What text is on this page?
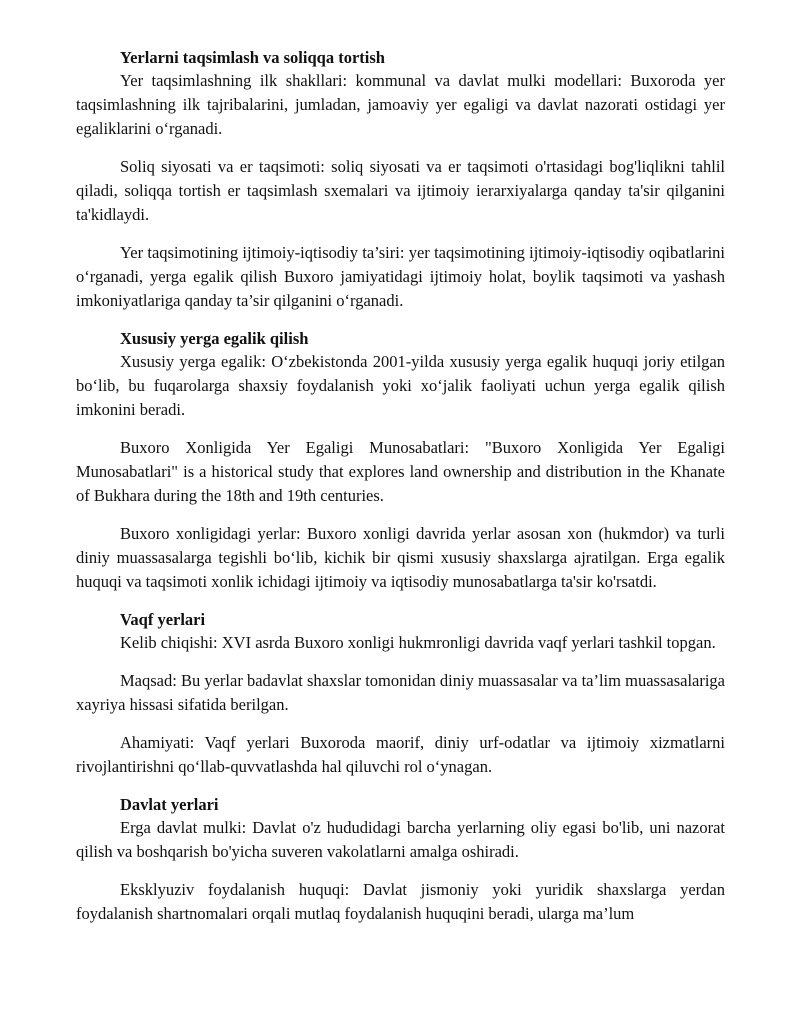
Yerlarni taqsimlash va soliqqa tortish

Yer taqsimlashning ilk shakllari: kommunal va davlat mulki modellari: Buxoroda yer taqsimlashning ilk tajribalarini, jumladan, jamoaviy yer egaligi va davlat nazorati ostidagi yer egaliklarini o‘rganadi.

Soliq siyosati va er taqsimoti: soliq siyosati va er taqsimoti o'rtasidagi bog'liqlikni tahlil qiladi, soliqqa tortish er taqsimlash sxemalari va ijtimoiy ierarxiyalarga qanday ta'sir qilganini ta'kidlaydi.

Yer taqsimotining ijtimoiy-iqtisodiy ta’siri: yer taqsimotining ijtimoiy-iqtisodiy oqibatlarini o‘rganadi, yerga egalik qilish Buxoro jamiyatidagi ijtimoiy holat, boylik taqsimoti va yashash imkoniyatlariga qanday ta’sir qilganini o‘rganadi.

Xususiy yerga egalik qilish

Xususiy yerga egalik: O‘zbekistonda 2001-yilda xususiy yerga egalik huquqi joriy etilgan bo‘lib, bu fuqarolarga shaxsiy foydalanish yoki xo‘jalik faoliyati uchun yerga egalik qilish imkonini beradi.

Buxoro Xonligida Yer Egaligi Munosabatlari: "Buxoro Xonligida Yer Egaligi Munosabatlari" is a historical study that explores land ownership and distribution in the Khanate of Bukhara during the 18th and 19th centuries.

Buxoro xonligidagi yerlar: Buxoro xonligi davrida yerlar asosan xon (hukmdor) va turli diniy muassasalarga tegishli bo‘lib, kichik bir qismi xususiy shaxslarga ajratilgan. Erga egalik huquqi va taqsimoti xonlik ichidagi ijtimoiy va iqtisodiy munosabatlarga ta'sir ko'rsatdi.

Vaqf yerlari

Kelib chiqishi: XVI asrda Buxoro xonligi hukmronligi davrida vaqf yerlari tashkil topgan.

Maqsad: Bu yerlar badavlat shaxslar tomonidan diniy muassasalar va ta’lim muassasalariga xayriya hissasi sifatida berilgan.

Ahamiyati: Vaqf yerlari Buxoroda maorif, diniy urf-odatlar va ijtimoiy xizmatlarni rivojlantirishni qo‘llab-quvvatlashda hal qiluvchi rol o‘ynagan.

Davlat yerlari

Erga davlat mulki: Davlat o'z hududidagi barcha yerlarning oliy egasi bo'lib, uni nazorat qilish va boshqarish bo'yicha suveren vakolatlarni amalga oshiradi.

Eksklyuziv foydalanish huquqi: Davlat jismoniy yoki yuridik shaxslarga yerdan foydalanish shartnomalari orqali mutlaq foydalanish huquqini beradi, ularga ma’lum
